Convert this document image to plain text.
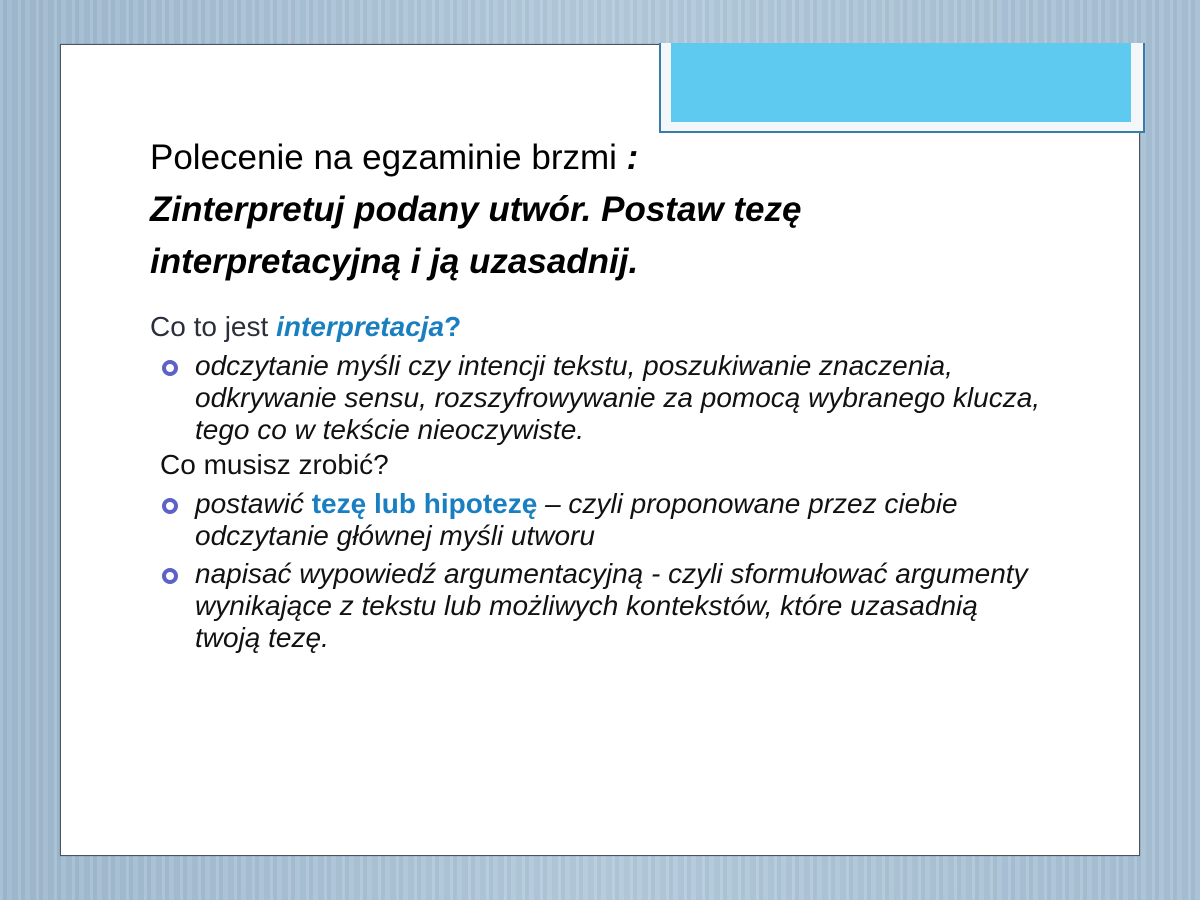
Polecenie na egzaminie brzmi :
Zinterpretuj podany utwór. Postaw tezę interpretacyjną i ją uzasadnij.

Co to jest interpretacja?
odczytanie myśli czy intencji tekstu, poszukiwanie znaczenia, odkrywanie sensu, rozszyfrowywanie za pomocą wybranego klucza, tego co w tekście nieoczywiste.
Co musisz zrobić?
postawić tezę lub hipotezę – czyli proponowane przez ciebie odczytanie głównej myśli utworu
napisać wypowiedź argumentacyjną - czyli sformułować argumenty wynikające z tekstu lub możliwych kontekstów, które uzasadnią twoją tezę.
